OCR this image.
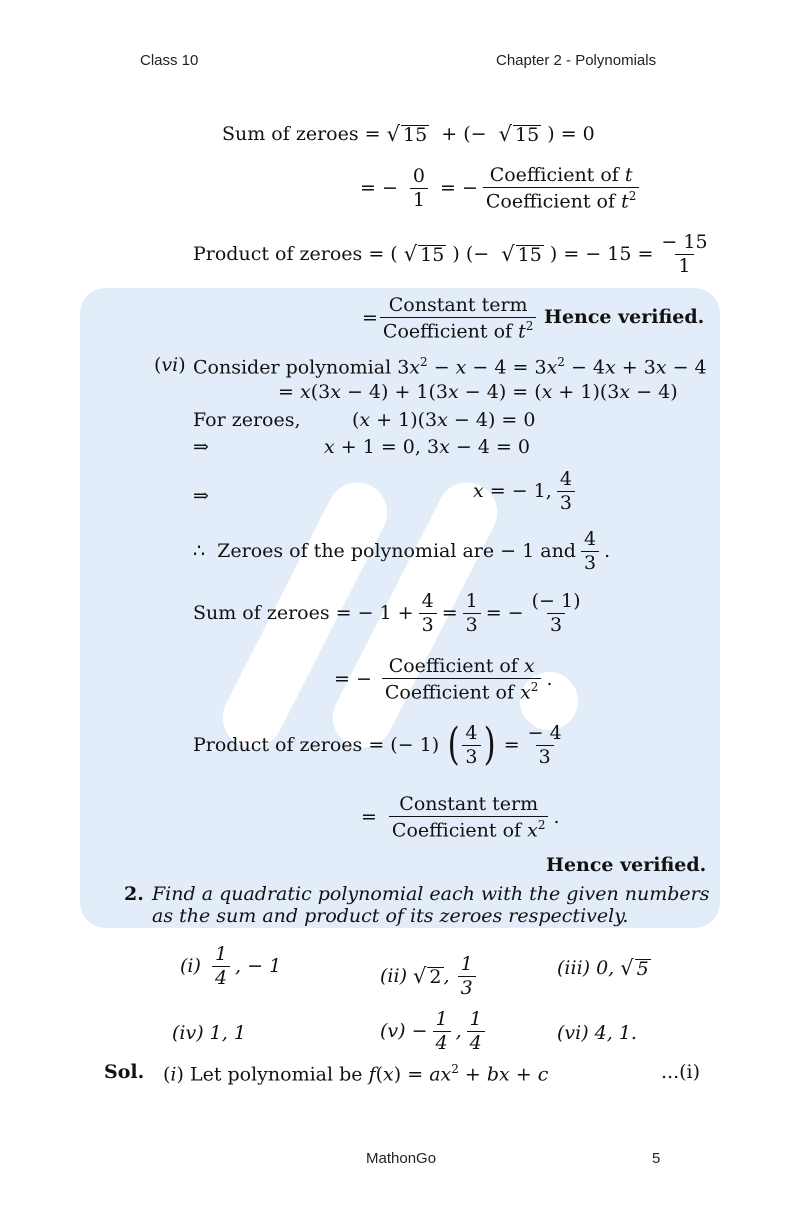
Class 10	Chapter 2 - Polynomials
Sum of zeroes = √ 15 + (− √ 15 ) = 0
= − $\frac{0}{1}$ = −
Coefficient of t
Coefficient of $t^2$
Product of zeroes = ( √ 15 ) (− √ 15 ) = − $15 = \frac{- 15}{1}$
=
Constant term
Coefficient of $t^2$ Hence verified.
(vi) Consider polynomial $3x^2 - x - 4 = 3x^2 - 4x + 3x - 4$
= x(3x − 4) + 1(3x − 4) = (x + 1)(3x − 4)
For zeroes,	(x + 1)(3x − 4) = 0
⇒	x + 1 = 0, 3x − 4 = 0
⇒	x = − 1,
4
3
∴ Zeroes of the polynomial are − 1 and
4
3
.
Sum of zeroes = − $1 + \frac{4}{3} = \frac{1}{3}$ = − $\frac{(- 1)}{3}$
= −
Coefficient of x
Coefficient of $x^2$ .
Product of zeroes = (− 1) ( 4
3 ) = $\frac{- 4}{3}$
=
Constant term
Coefficient of $x^2$ .
Hence verified.
2. Find a quadratic polynomial each with the given numbers
as the sum and product of its zeroes respectively.
(i)
1
4
, − 1	(ii) √ 2 ,
1
3
(iii) 0, √ 5
(iv) 1, 1	$(v) - \frac{1}{4}$ ,
1
4	(vi) 4, 1.
Sol. (i) Let polynomial be $f(x) = ax^2$ + bx + c	...(i)
MathonGo	5
